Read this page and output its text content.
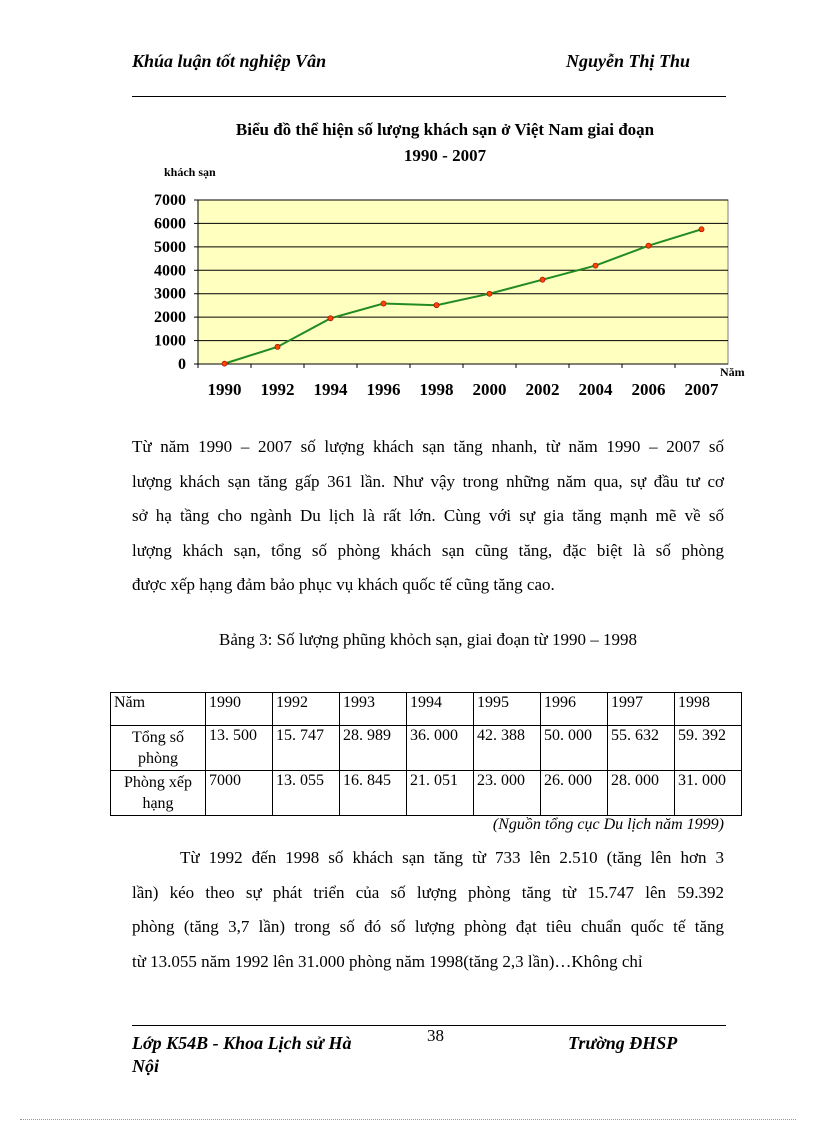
Khúa luận tốt nghiệp Vân	Nguyễn Thị Thu
Biểu đồ thể hiện số lượng khách sạn ở Việt Nam giai đoạn
1990 - 2007
0
1000
2000
3000
4000
5000
6000
7000
1990 1992 1994 1996 1998 2000 2002 2004 2006 2007
khách sạn
Năm
Từ năm 1990 – 2007 số lượng khách sạn tăng nhanh, từ năm 1990 – 2007 số
lượng khách sạn tăng gấp 361 lần. Như vậy trong những năm qua, sự đầu tư cơ
sở hạ tầng cho ngành Du lịch là rất lớn. Cùng với sự gia tăng mạnh mẽ về số
lượng khách sạn, tổng số phòng khách sạn cũng tăng, đặc biệt là số phòng
được xếp hạng đảm bảo phục vụ khách quốc tế cũng tăng cao.
Bảng 3: Số lượng phũng khỏch sạn, giai đoạn từ 1990 – 1998
Năm	1990	1992	1993	1994	1995	1996	1997	1998
Tổng số phòng	13. 500	15. 747	28. 989	36. 000	42. 388	50. 000	55. 632	59. 392
Phòng xếp hạng	7000	13. 055	16. 845	21. 051	23. 000	26. 000	28. 000	31. 000
(Nguồn tổng cục Du lịch năm 1999)
Từ 1992 đến 1998 số khách sạn tăng từ 733 lên 2.510 (tăng lên hơn 3
lần) kéo theo sự phát triển của số lượng phòng tăng từ 15.747 lên 59.392
phòng (tăng 3,7 lần) trong số đó số lượng phòng đạt tiêu chuẩn quốc tế tăng
từ 13.055 năm 1992 lên 31.000 phòng năm 1998(tăng 2,3 lần)…Không chỉ
Lớp K54B - Khoa Lịch sử Hà Nội
38	Trường ĐHSP
